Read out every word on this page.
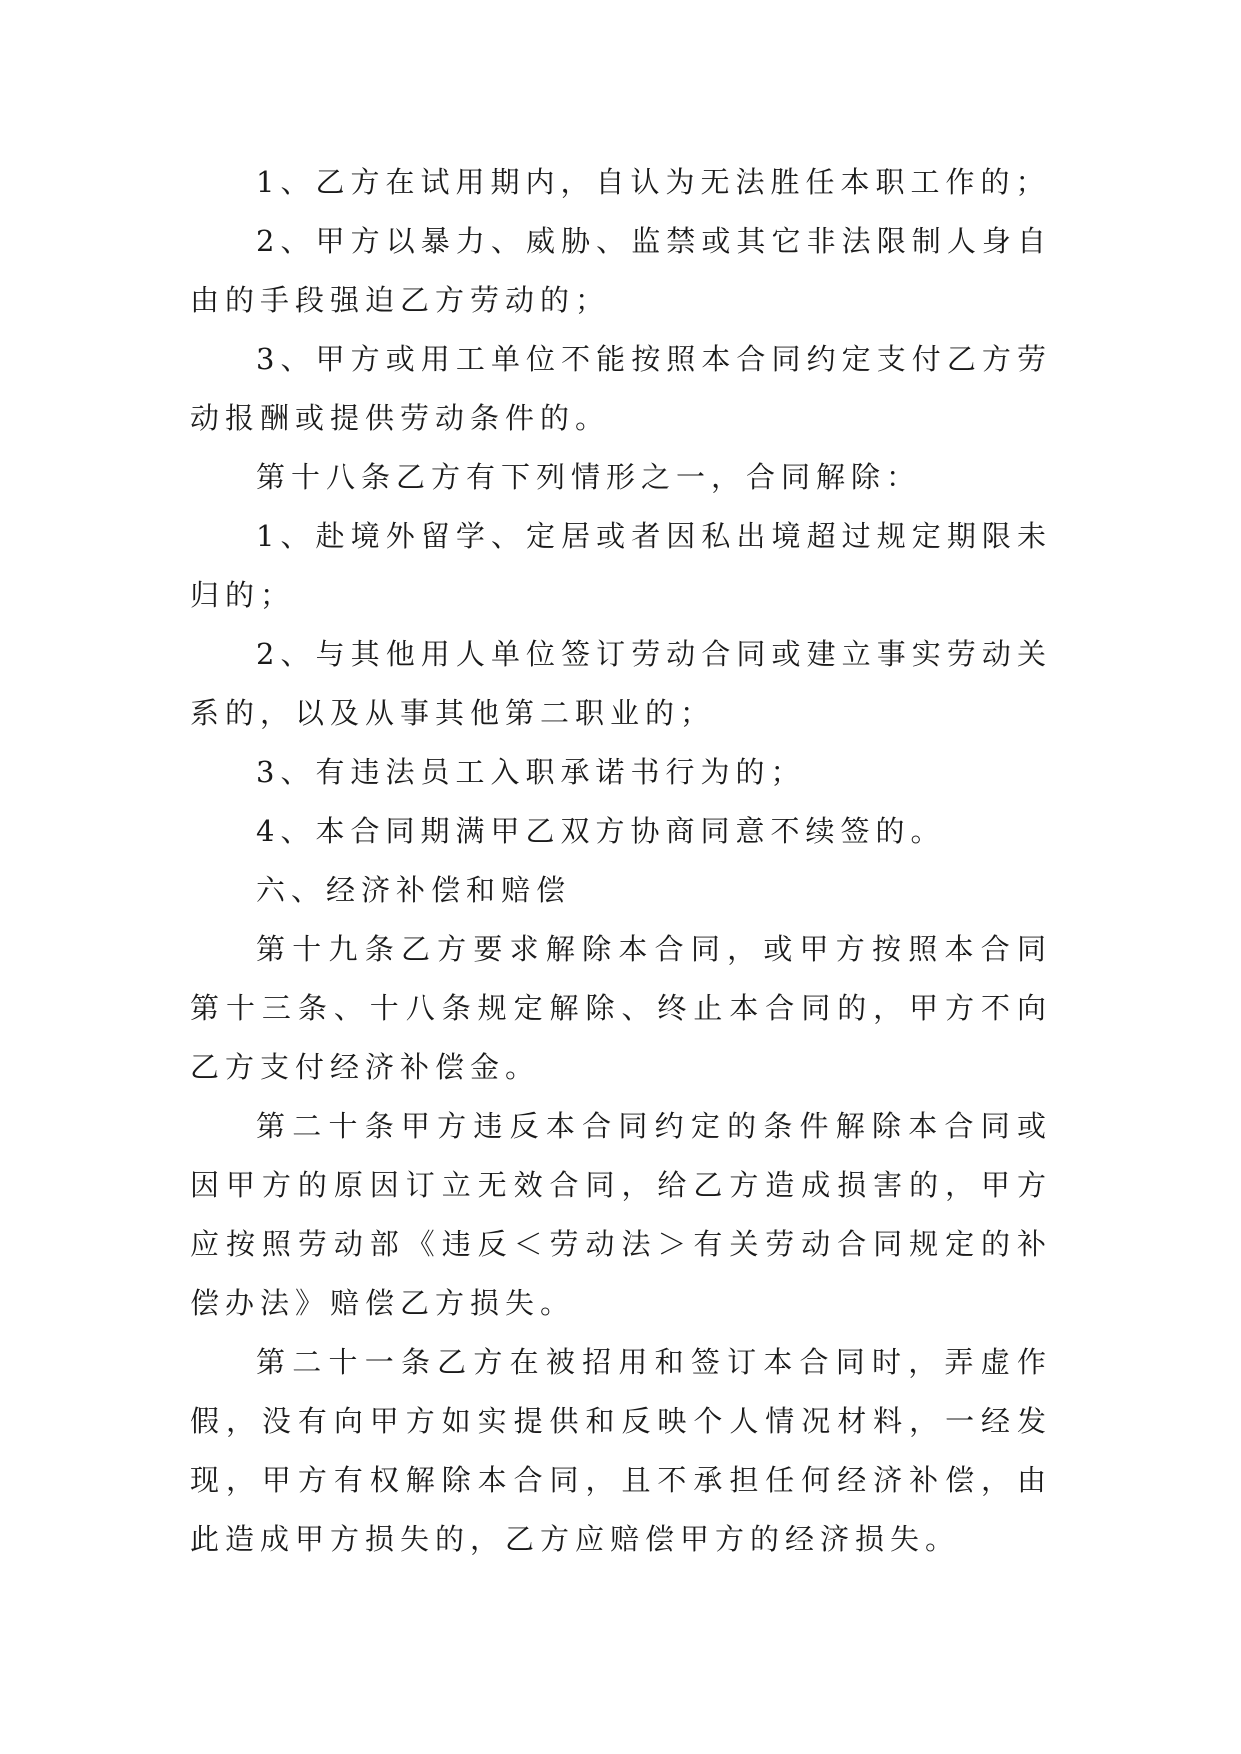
1、乙方在试用期内，自认为无法胜任本职工作的；

2、甲方以暴力、威胁、监禁或其它非法限制人身自由的手段强迫乙方劳动的；

3、甲方或用工单位不能按照本合同约定支付乙方劳动报酬或提供劳动条件的。

第十八条乙方有下列情形之一，合同解除：

1、赴境外留学、定居或者因私出境超过规定期限未归的；

2、与其他用人单位签订劳动合同或建立事实劳动关系的，以及从事其他第二职业的；

3、有违法员工入职承诺书行为的；

4、本合同期满甲乙双方协商同意不续签的。

六、经济补偿和赔偿

第十九条乙方要求解除本合同，或甲方按照本合同第十三条、十八条规定解除、终止本合同的，甲方不向乙方支付经济补偿金。

第二十条甲方违反本合同约定的条件解除本合同或因甲方的原因订立无效合同，给乙方造成损害的，甲方应按照劳动部《违反＜劳动法＞有关劳动合同规定的补偿办法》赔偿乙方损失。

第二十一条乙方在被招用和签订本合同时，弄虚作假，没有向甲方如实提供和反映个人情况材料，一经发现，甲方有权解除本合同，且不承担任何经济补偿，由此造成甲方损失的，乙方应赔偿甲方的经济损失。
